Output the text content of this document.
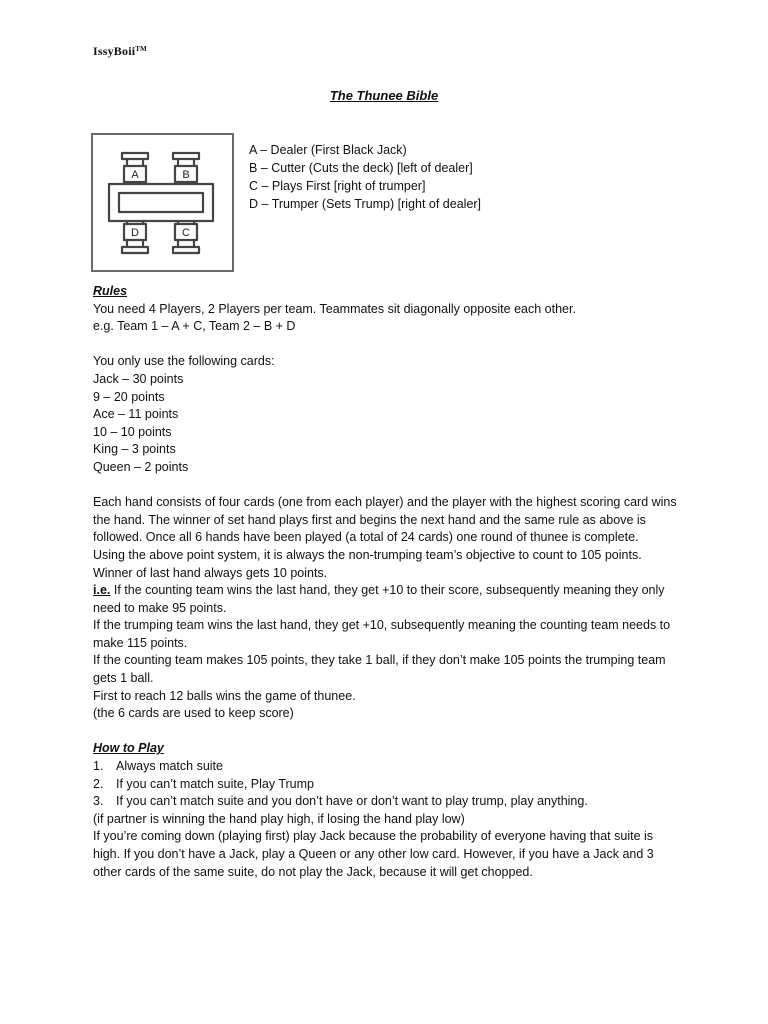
IssyBoii™
The Thunee Bible
A	B
D	C
A – Dealer (First Black Jack)
B – Cutter (Cuts the deck) [left of dealer]
C – Plays First [right of trumper]
D – Trumper (Sets Trump) [right of dealer]

Rules

You need 4 Players, 2 Players per team. Teammates sit diagonally opposite each other.

e.g. Team 1 – A + C, Team 2 – B + D

You only use the following cards:

Jack – 30 points

9 – 20 points

Ace – 11 points

10 – 10 points

King – 3 points

Queen – 2 points

Each hand consists of four cards (one from each player) and the player with the highest scoring card wins the hand. The winner of set hand plays first and begins the next hand and the same rule as above is followed. Once all 6 hands have been played (a total of 24 cards) one round of thunee is complete.

Using the above point system, it is always the non-trumping team’s objective to count to 105 points.

Winner of last hand always gets 10 points.

i.e. If the counting team wins the last hand, they get +10 to their score, subsequently meaning they only need to make 95 points.

If the trumping team wins the last hand, they get +10, subsequently meaning the counting team needs to make 115 points.

If the counting team makes 105 points, they take 1 ball, if they don’t make 105 points the trumping team gets 1 ball.

First to reach 12 balls wins the game of thunee.

(the 6 cards are used to keep score)

How to Play

1.	Always match suite
2.	If you can’t match suite, Play Trump
3.	If you can’t match suite and you don’t have or don’t want to play trump, play anything.

(if partner is winning the hand play high, if losing the hand play low)

If you’re coming down (playing first) play Jack because the probability of everyone having that suite is high. If you don’t have a Jack, play a Queen or any other low card. However, if you have a Jack and 3 other cards of the same suite, do not play the Jack, because it will get chopped.
